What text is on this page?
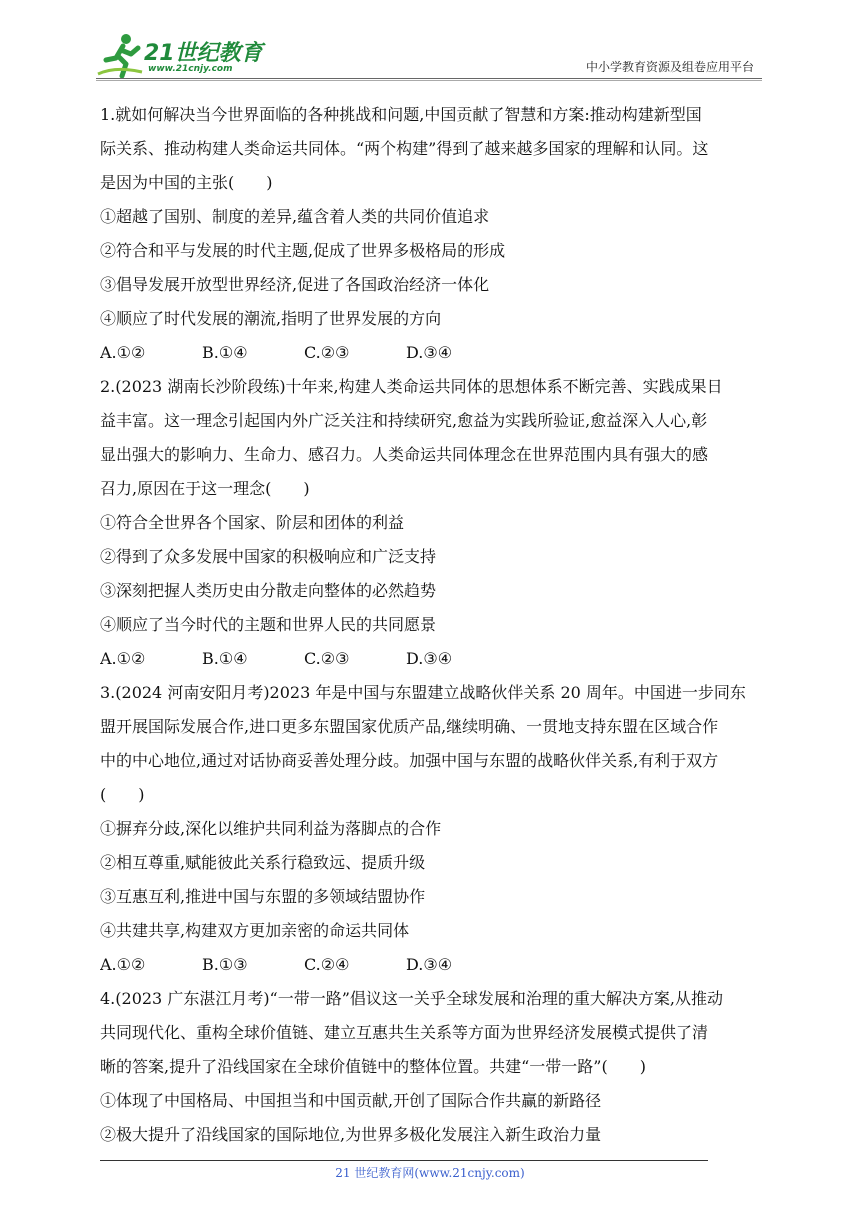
21世纪教育
www.21cnjy.com	中小学教育资源及组卷应用平台
1.就如何解决当今世界面临的各种挑战和问题,中国贡献了智慧和方案:推动构建新型国
际关系、推动构建人类命运共同体。“两个构建”得到了越来越多国家的理解和认同。这
是因为中国的主张(　　)
①超越了国别、制度的差异,蕴含着人类的共同价值追求
②符合和平与发展的时代主题,促成了世界多极格局的形成
③倡导发展开放型世界经济,促进了各国政治经济一体化
④顺应了时代发展的潮流,指明了世界发展的方向
A.①②	B.①④	C.②③	D.③④
2.(2023 湖南长沙阶段练)十年来,构建人类命运共同体的思想体系不断完善、实践成果日
益丰富。这一理念引起国内外广泛关注和持续研究,愈益为实践所验证,愈益深入人心,彰
显出强大的影响力、生命力、感召力。人类命运共同体理念在世界范围内具有强大的感
召力,原因在于这一理念(　　)
①符合全世界各个国家、阶层和团体的利益
②得到了众多发展中国家的积极响应和广泛支持
③深刻把握人类历史由分散走向整体的必然趋势
④顺应了当今时代的主题和世界人民的共同愿景
A.①②	B.①④	C.②③	D.③④
3.(2024 河南安阳月考)2023 年是中国与东盟建立战略伙伴关系 20 周年。中国进一步同东
盟开展国际发展合作,进口更多东盟国家优质产品,继续明确、一贯地支持东盟在区域合作
中的中心地位,通过对话协商妥善处理分歧。加强中国与东盟的战略伙伴关系,有利于双方
(　　)
①摒弃分歧,深化以维护共同利益为落脚点的合作
②相互尊重,赋能彼此关系行稳致远、提质升级
③互惠互利,推进中国与东盟的多领域结盟协作
④共建共享,构建双方更加亲密的命运共同体
A.①②	B.①③	C.②④	D.③④
4.(2023 广东湛江月考)“一带一路”倡议这一关乎全球发展和治理的重大解决方案,从推动
共同现代化、重构全球价值链、建立互惠共生关系等方面为世界经济发展模式提供了清
晰的答案,提升了沿线国家在全球价值链中的整体位置。共建“一带一路”(　　)
①体现了中国格局、中国担当和中国贡献,开创了国际合作共赢的新路径
②极大提升了沿线国家的国际地位,为世界多极化发展注入新生政治力量
21 世纪教育网(www.21cnjy.com)
